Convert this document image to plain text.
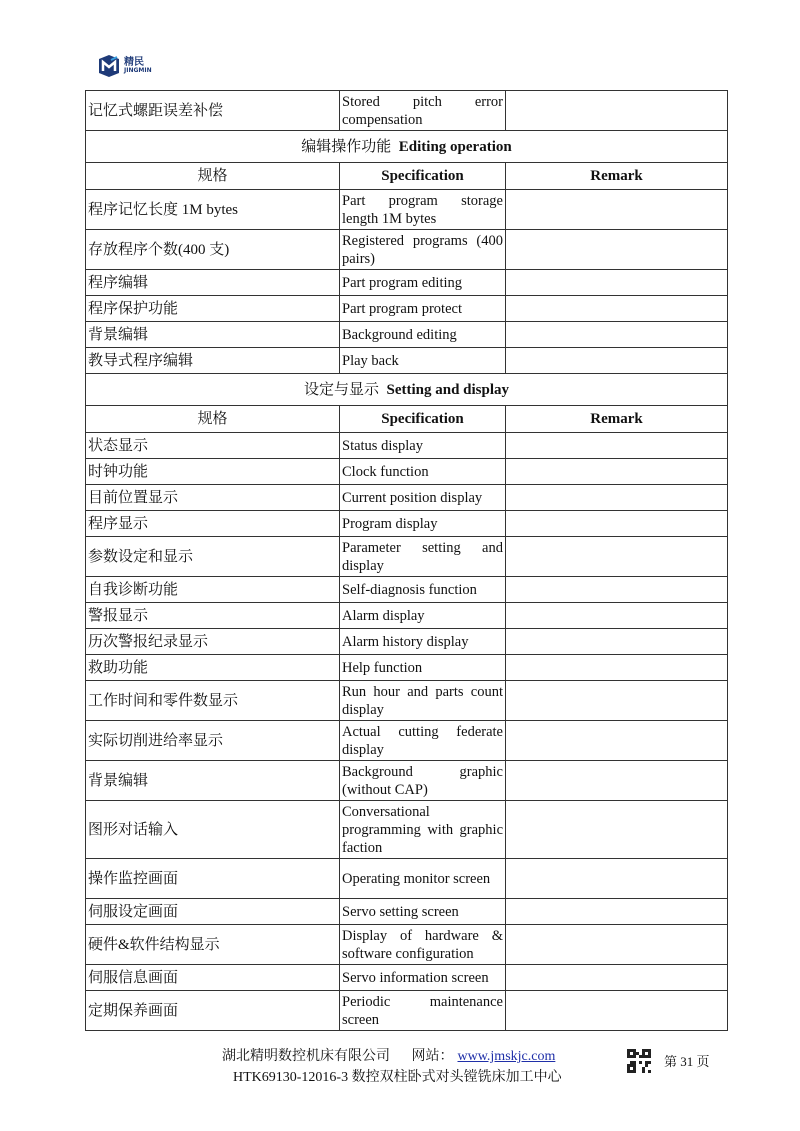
精民
JINGMIN
记忆式螺距误差补偿	Stored pitch error compensation	
编辑操作功能 Editing operation		
规格	Specification	Remark
程序记忆长度 1M bytes	Part program storage length 1M bytes	
存放程序个数(400 支)	Registered programs (400 pairs)	
程序编辑	Part program editing	
程序保护功能	Part program protect	
背景编辑	Background editing	
教导式程序编辑	Play back	
设定与显示 Setting and display		
规格	Specification	Remark
状态显示	Status display	
时钟功能	Clock function	
目前位置显示	Current position display	
程序显示	Program display	
参数设定和显示	Parameter setting and display	
自我诊断功能	Self-diagnosis function	
警报显示	Alarm display	
历次警报纪录显示	Alarm history display	
救助功能	Help function	
工作时间和零件数显示	Run hour and parts count display	
实际切削进给率显示	Actual cutting federate display	
背景编辑	Background graphic (without CAP)	
图形对话输入	Conversational programming with graphic faction	
操作监控画面	Operating monitor screen	
伺服设定画面	Servo setting screen	
硬件&软件结构显示	Display of hardware & software configuration	
伺服信息画面	Servo information screen	
定期保养画面	Periodic maintenance screen	
湖北精明数控机床有限公司 网站： www.jmskjc.com
HTK69130-12016-3 数控双柱卧式对头镗铣床加工中心
第 31 页
